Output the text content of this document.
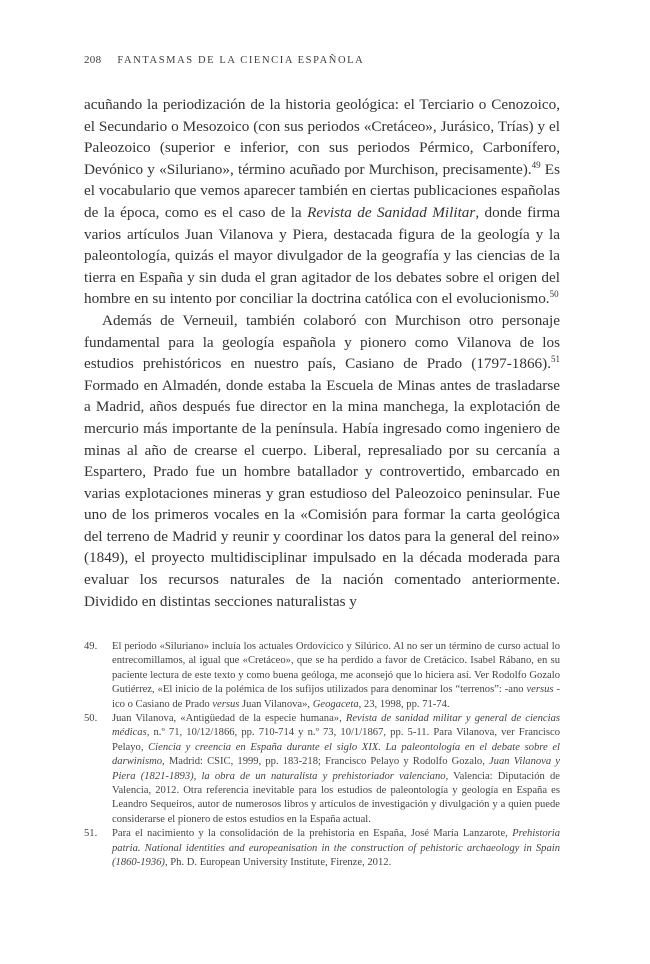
208 FANTASMAS DE LA CIENCIA ESPAÑOLA

acuñando la periodización de la historia geológica: el Terciario o Cenozoico, el Secundario o Mesozoico (con sus periodos «Cretáceo», Jurásico, Trías) y el Paleozoico (superior e inferior, con sus periodos Pérmico, Carbonífero, Devónico y «Siluriano», término acuñado por Murchison, precisamente).$^{49}$ Es el vocabulario que vemos aparecer también en ciertas publicaciones españolas de la época, como es el caso de la Revista de Sanidad Militar, donde firma varios artículos Juan Vilanova y Piera, destacada figura de la geología y la paleontología, quizás el mayor divulgador de la geografía y las ciencias de la tierra en España y sin duda el gran agitador de los debates sobre el origen del hombre en su intento por conciliar la doctrina católica con el evolucionismo.$^{50}$

Además de Verneuil, también colaboró con Murchison otro personaje fundamental para la geología española y pionero como Vilanova de los estudios prehistóricos en nuestro país, Casiano de Prado (1797-1866).$^{51}$ Formado en Almadén, donde estaba la Escuela de Minas antes de trasladarse a Madrid, años después fue director en la mina manchega, la explotación de mercurio más importante de la península. Había ingresado como ingeniero de minas al año de crearse el cuerpo. Liberal, represaliado por su cercanía a Espartero, Prado fue un hombre batallador y controvertido, embarcado en varias explotaciones mineras y gran estudioso del Paleozoico peninsular. Fue uno de los primeros vocales en la «Comisión para formar la carta geológica del terreno de Madrid y reunir y coordinar los datos para la general del reino» (1849), el proyecto multidisciplinar impulsado en la década moderada para evaluar los recursos naturales de la nación comentado anteriormente. Dividido en distintas secciones naturalistas y

49.	El periodo «Siluriano» incluía los actuales Ordovícico y Silúrico. Al no ser un término de curso actual lo entrecomillamos, al igual que «Cretáceo», que se ha perdido a favor de Cretácico. Isabel Rábano, en su paciente lectura de este texto y como buena geóloga, me aconsejó que lo hiciera así. Ver Rodolfo Gozalo Gutiérrez, «El inicio de la polémica de los sufijos utilizados para denominar los “terrenos”: -ano versus -ico o Casiano de Prado versus Juan Vilanova», Geogaceta, 23, 1998, pp. 71-74.
50.	Juan Vilanova, «Antigüedad de la especie humana», Revista de sanidad militar y general de ciencias médicas, n.º 71, 10/12/1866, pp. 710-714 y n.º 73, 10/1/1867, pp. 5-11. Para Vilanova, ver Francisco Pelayo, Ciencia y creencia en España durante el siglo XIX. La paleontología en el debate sobre el darwinismo, Madrid: CSIC, 1999, pp. 183-218; Francisco Pelayo y Rodolfo Gozalo, Juan Vilanova y Piera (1821-1893), la obra de un naturalista y prehistoriador valenciano, Valencia: Diputación de Valencia, 2012. Otra referencia inevitable para los estudios de paleontología y geología en España es Leandro Sequeiros, autor de numerosos libros y artículos de investigación y divulgación y a quien puede considerarse el pionero de estos estudios en la España actual.
51.	Para el nacimiento y la consolidación de la prehistoria en España, José María Lanzarote, Prehistoria patria. National identities and europeanisation in the construction of pehistoric archaeology in Spain (1860-1936), Ph. D. European University Institute, Firenze, 2012.
